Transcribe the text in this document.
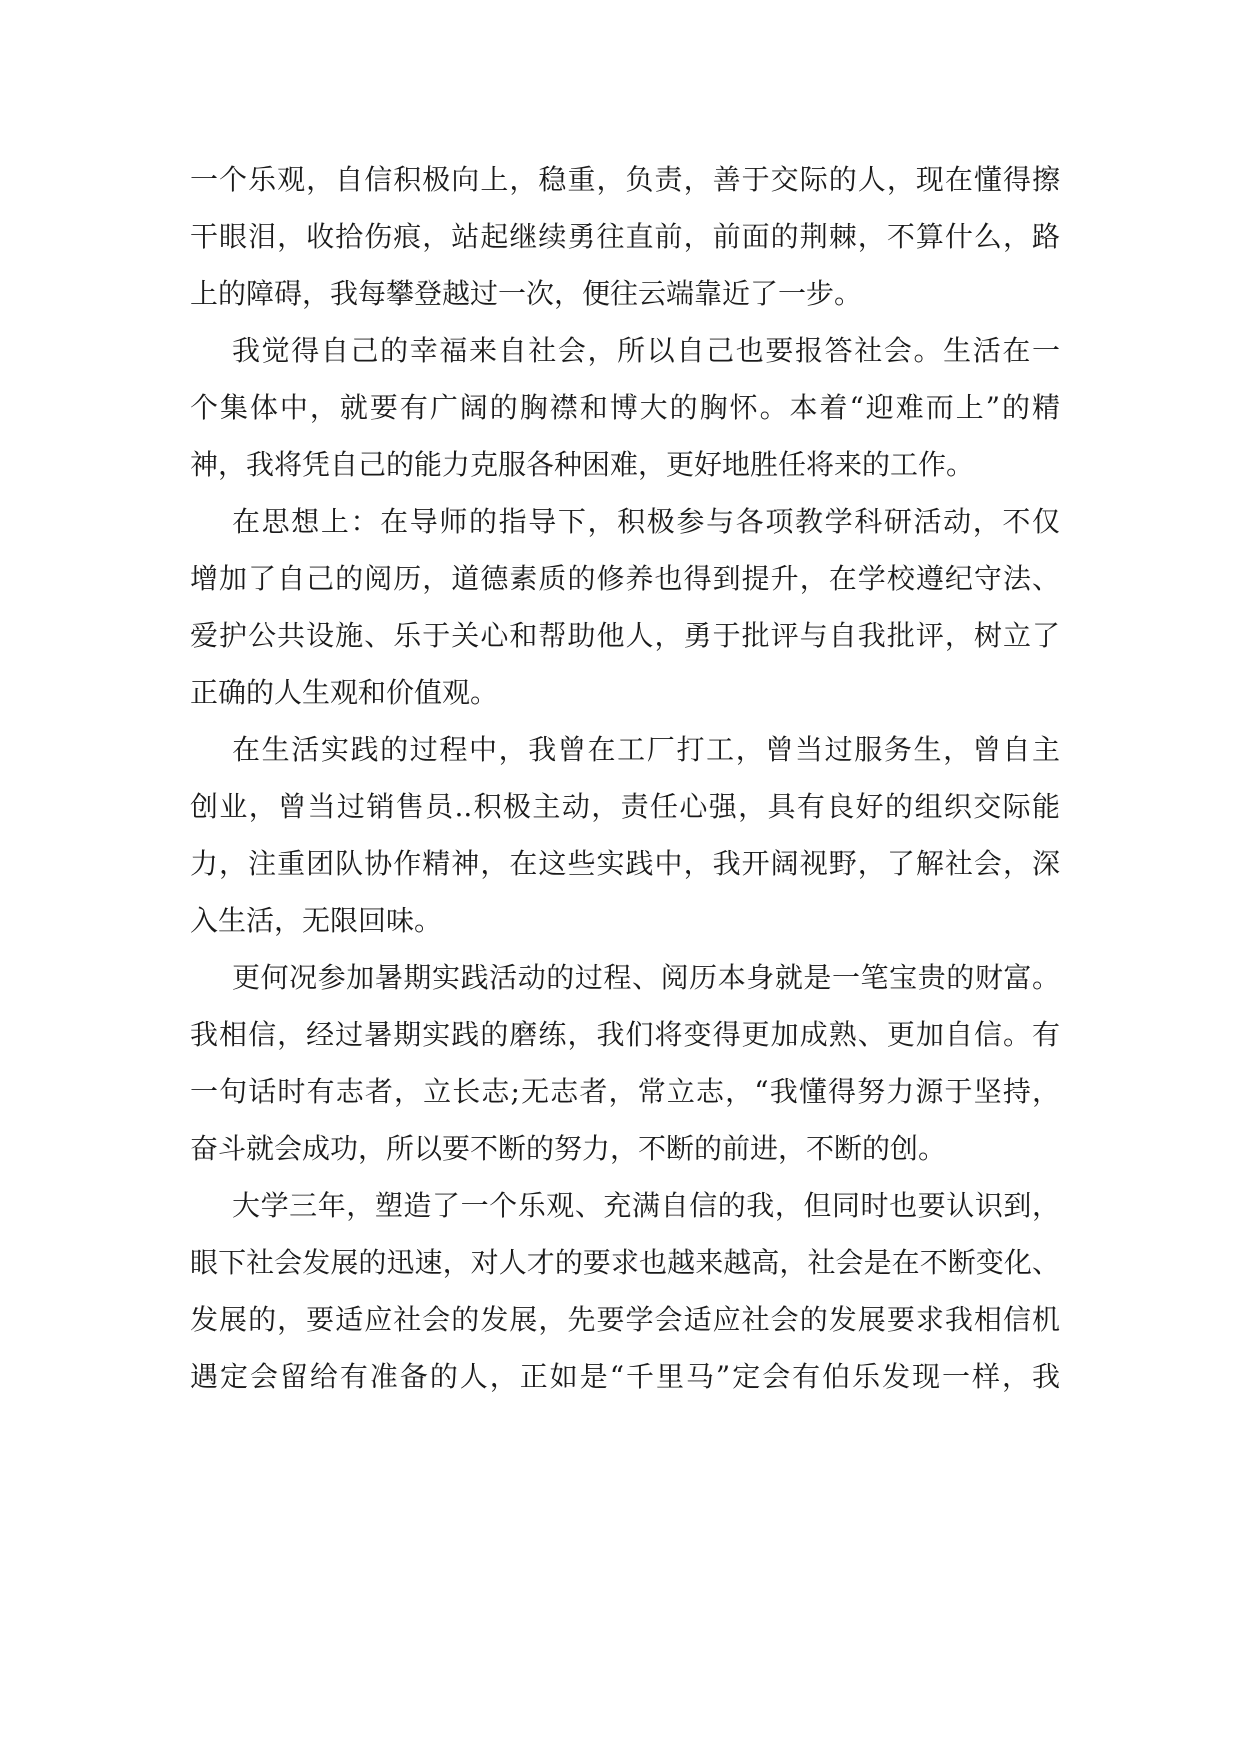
一个乐观，自信积极向上，稳重，负责，善于交际的人，现在懂得擦
干眼泪，收拾伤痕，站起继续勇往直前，前面的荆棘，不算什么，路
上的障碍，我每攀登越过一次，便往云端靠近了一步。
我觉得自己的幸福来自社会，所以自己也要报答社会。生活在一
个集体中，就要有广阔的胸襟和博大的胸怀。本着“迎难而上”的精
神，我将凭自己的能力克服各种困难，更好地胜任将来的工作。
在思想上：在导师的指导下，积极参与各项教学科研活动，不仅
增加了自己的阅历，道德素质的修养也得到提升，在学校遵纪守法、
爱护公共设施、乐于关心和帮助他人，勇于批评与自我批评，树立了
正确的人生观和价值观。
在生活实践的过程中，我曾在工厂打工，曾当过服务生，曾自主
创业，曾当过销售员..积极主动，责任心强，具有良好的组织交际能
力，注重团队协作精神，在这些实践中，我开阔视野，了解社会，深
入生活，无限回味。
更何况参加暑期实践活动的过程、阅历本身就是一笔宝贵的财富。
我相信，经过暑期实践的磨练，我们将变得更加成熟、更加自信。有
一句话时有志者，立长志;无志者，常立志，“我懂得努力源于坚持，
奋斗就会成功，所以要不断的努力，不断的前进，不断的创。
大学三年，塑造了一个乐观、充满自信的我，但同时也要认识到，
眼下社会发展的迅速，对人才的要求也越来越高，社会是在不断变化、
发展的，要适应社会的发展，先要学会适应社会的发展要求我相信机
遇定会留给有准备的人，正如是“千里马”定会有伯乐发现一样，我
